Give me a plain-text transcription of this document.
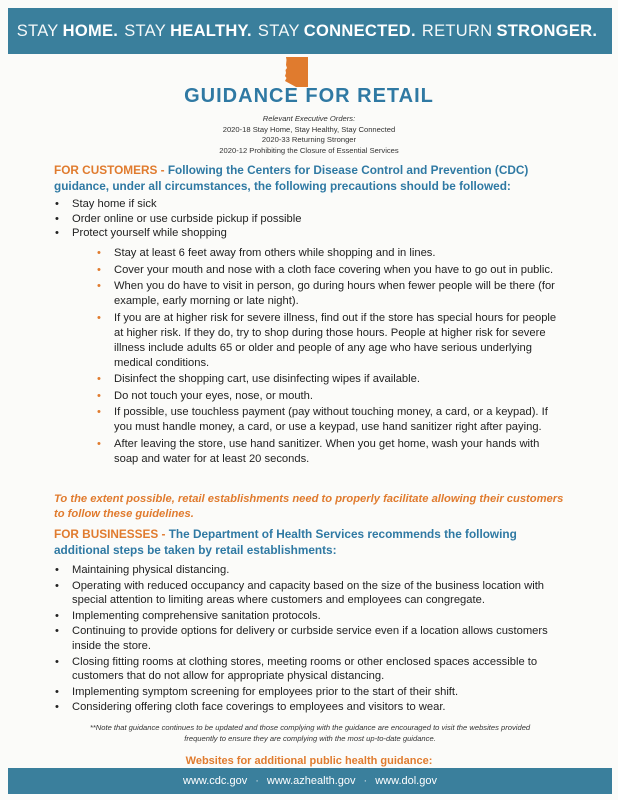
STAY HOME. STAY HEALTHY. STAY CONNECTED. RETURN STRONGER.
GUIDANCE FOR RETAIL
Relevant Executive Orders:
2020-18 Stay Home, Stay Healthy, Stay Connected
2020-33 Returning Stronger
2020-12 Prohibiting the Closure of Essential Services
FOR CUSTOMERS - Following the Centers for Disease Control and Prevention (CDC) guidance, under all circumstances, the following precautions should be followed:
• Stay home if sick
• Order online or use curbside pickup if possible
• Protect yourself while shopping
• Stay at least 6 feet away from others while shopping and in lines.
• Cover your mouth and nose with a cloth face covering when you have to go out in public.
• When you do have to visit in person, go during hours when fewer people will be there (for example, early morning or late night).
• If you are at higher risk for severe illness, find out if the store has special hours for people at higher risk. If they do, try to shop during those hours. People at higher risk for severe illness include adults 65 or older and people of any age who have serious underlying medical conditions.
• Disinfect the shopping cart, use disinfecting wipes if available.
• Do not touch your eyes, nose, or mouth.
• If possible, use touchless payment (pay without touching money, a card, or a keypad). If you must handle money, a card, or use a keypad, use hand sanitizer right after paying.
• After leaving the store, use hand sanitizer. When you get home, wash your hands with soap and water for at least 20 seconds.
To the extent possible, retail establishments need to properly facilitate allowing their customers to follow these guidelines.
FOR BUSINESSES - The Department of Health Services recommends the following additional steps be taken by retail establishments:
• Maintaining physical distancing.
• Operating with reduced occupancy and capacity based on the size of the business location with special attention to limiting areas where customers and employees can congregate.
• Implementing comprehensive sanitation protocols.
• Continuing to provide options for delivery or curbside service even if a location allows customers inside the store.
• Closing fitting rooms at clothing stores, meeting rooms or other enclosed spaces accessible to customers that do not allow for appropriate physical distancing.
• Implementing symptom screening for employees prior to the start of their shift.
• Considering offering cloth face coverings to employees and visitors to wear.
**Note that guidance continues to be updated and those complying with the guidance are encouraged to visit the websites provided frequently to ensure they are complying with the most up-to-date guidance.
Websites for additional public health guidance:
www.cdc.gov · www.azhealth.gov · www.dol.gov
